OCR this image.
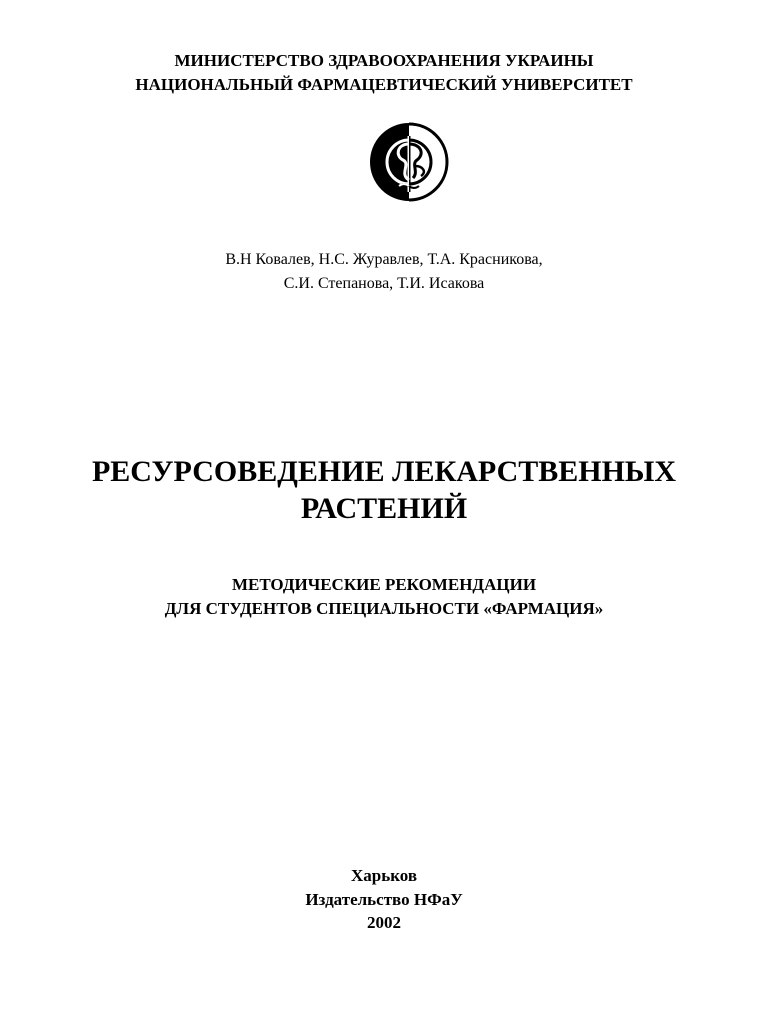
МИНИСТЕРСТВО ЗДРАВООХРАНЕНИЯ УКРАИНЫ
НАЦИОНАЛЬНЫЙ ФАРМАЦЕВТИЧЕСКИЙ УНИВЕРСИТЕТ
В.Н Ковалев, Н.С. Журавлев, Т.А. Красникова,
С.И. Степанова, Т.И. Исакова
РЕСУРСОВЕДЕНИЕ ЛЕКАРСТВЕННЫХ
РАСТЕНИЙ
МЕТОДИЧЕСКИЕ РЕКОМЕНДАЦИИ
ДЛЯ СТУДЕНТОВ СПЕЦИАЛЬНОСТИ «ФАРМАЦИЯ»
Харьков
Издательство НФаУ
2002
